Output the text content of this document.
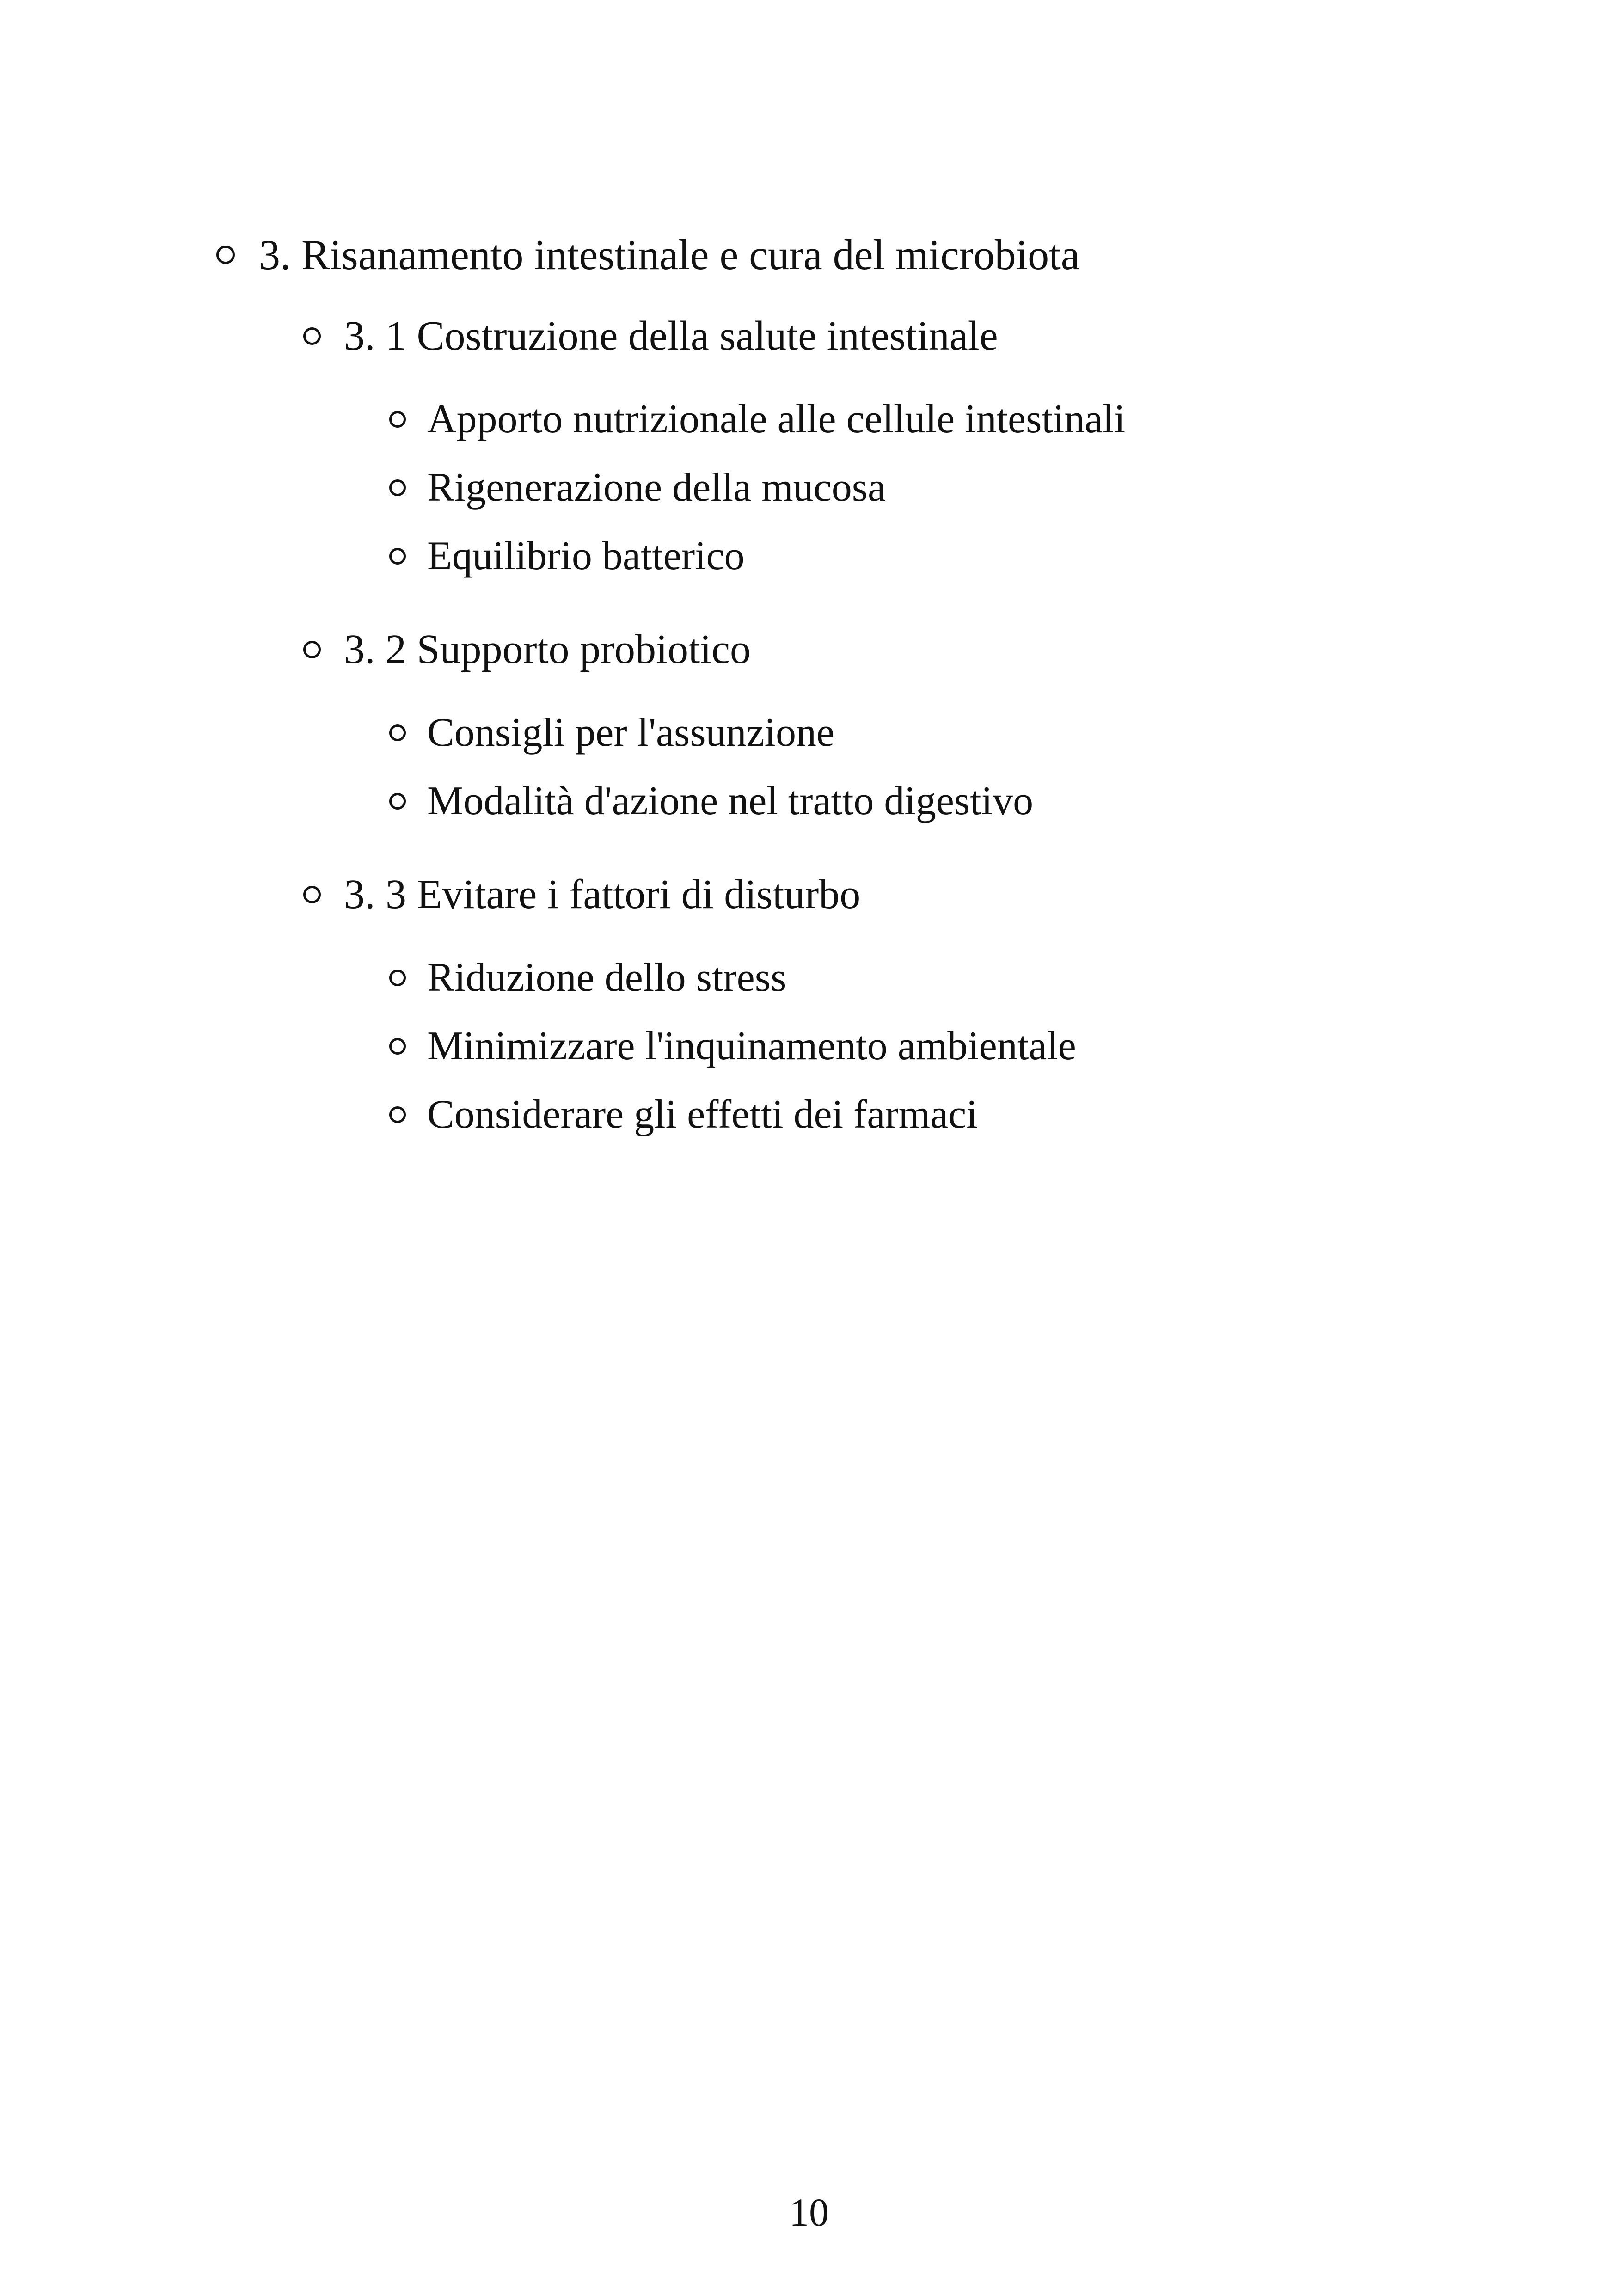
3. Risanamento intestinale e cura del microbiota
3. 1 Costruzione della salute intestinale
Apporto nutrizionale alle cellule intestinali
Rigenerazione della mucosa
Equilibrio batterico
3. 2 Supporto probiotico
Consigli per l'assunzione
Modalità d'azione nel tratto digestivo
3. 3 Evitare i fattori di disturbo
Riduzione dello stress
Minimizzare l'inquinamento ambientale
Considerare gli effetti dei farmaci
10
